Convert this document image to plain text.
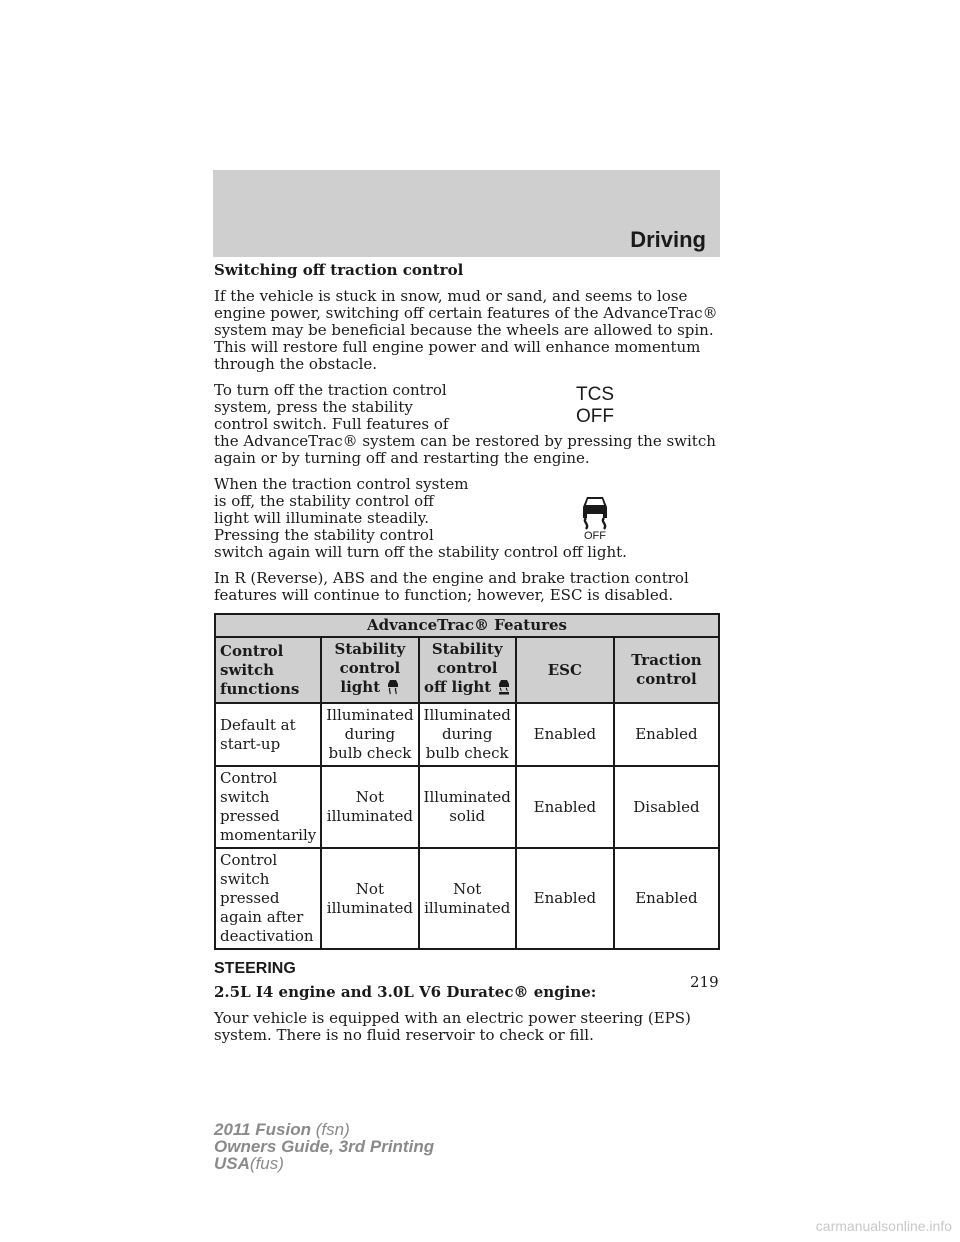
Driving

Switching off traction control

If the vehicle is stuck in snow, mud or sand, and seems to lose engine power, switching off certain features of the AdvanceTrac® system may be beneficial because the wheels are allowed to spin. This will restore full engine power and will enhance momentum through the obstacle.

TCS
OFF

To turn off the traction control system, press the stability control switch. Full features of the AdvanceTrac® system can be restored by pressing the switch again or by turning off and restarting the engine.

OFF

When the traction control system is off, the stability control off light will illuminate steadily. Pressing the stability control switch again will turn off the stability control off light.

In R (Reverse), ABS and the engine and brake traction control features will continue to function; however, ESC is disabled.

AdvanceTrac® Features				
Control switch functions	Stability control light	Stability control off light	ESC	Traction control
Default at start-up	Illuminated during bulb check	Illuminated during bulb check	Enabled	Enabled
Control switch pressed momentarily	Not illuminated	Illuminated solid	Enabled	Disabled
Control switch pressed again after deactivation	Not illuminated	Not illuminated	Enabled	Enabled
STEERING

2.5L I4 engine and 3.0L V6 Duratec® engine:

Your vehicle is equipped with an electric power steering (EPS) system. There is no fluid reservoir to check or fill.

219
2011 Fusion (fsn)
Owners Guide, 3rd Printing
USA(fus)
carmanualsonline.info
